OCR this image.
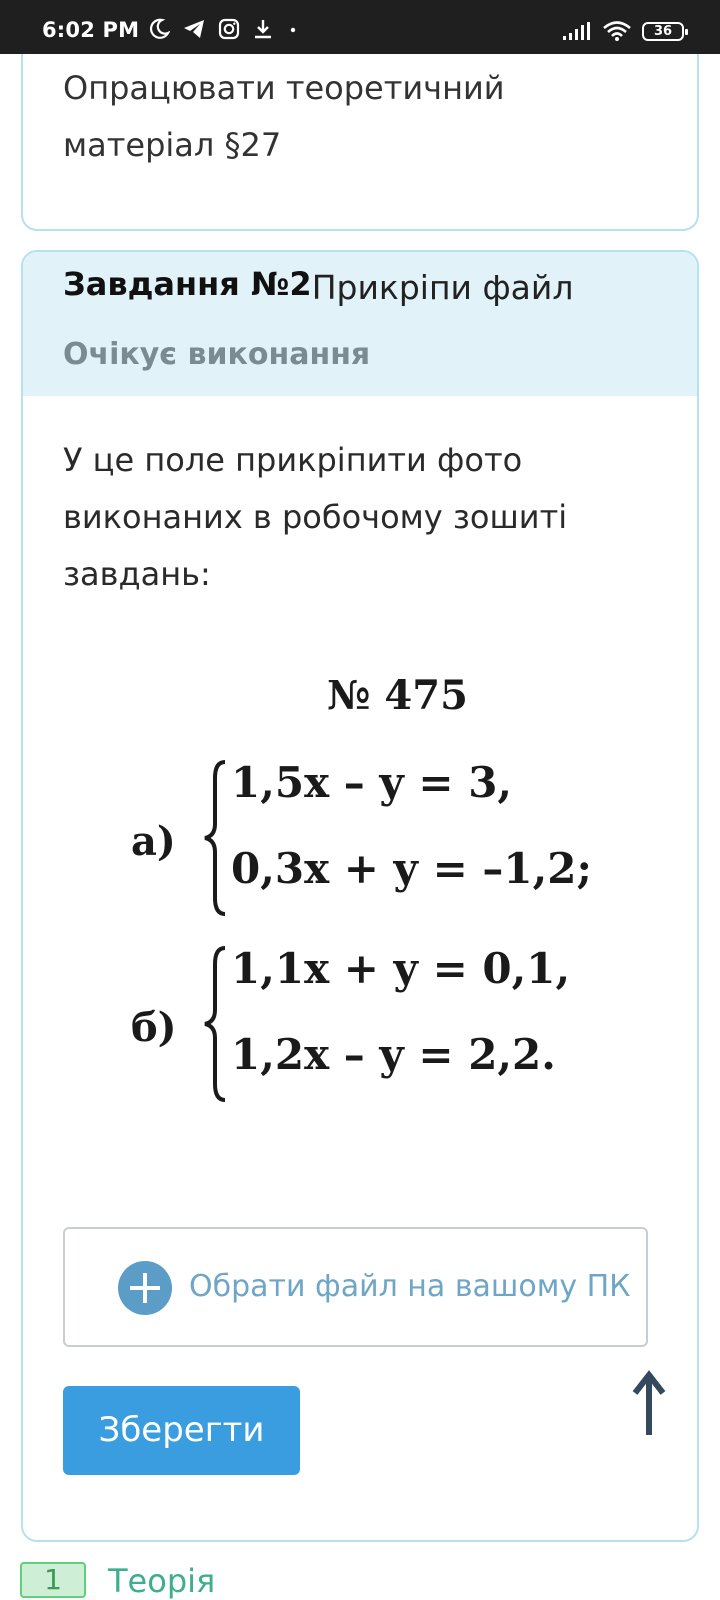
6:02 PM	36
Опрацювати теоретичний
матеріал §27
Завдання №2Прикріпи файл
Очікує виконання
У це поле прикріпити фото виконаних в робочому зошиті завдань:
№ 475
а)
1,5x – y = 3,
0,3x + y = –1,2;
б)
1,1x + y = 0,1,
1,2x – y = 2,2.
Обрати файл на вашому ПК
Зберегти
1	Теорія
